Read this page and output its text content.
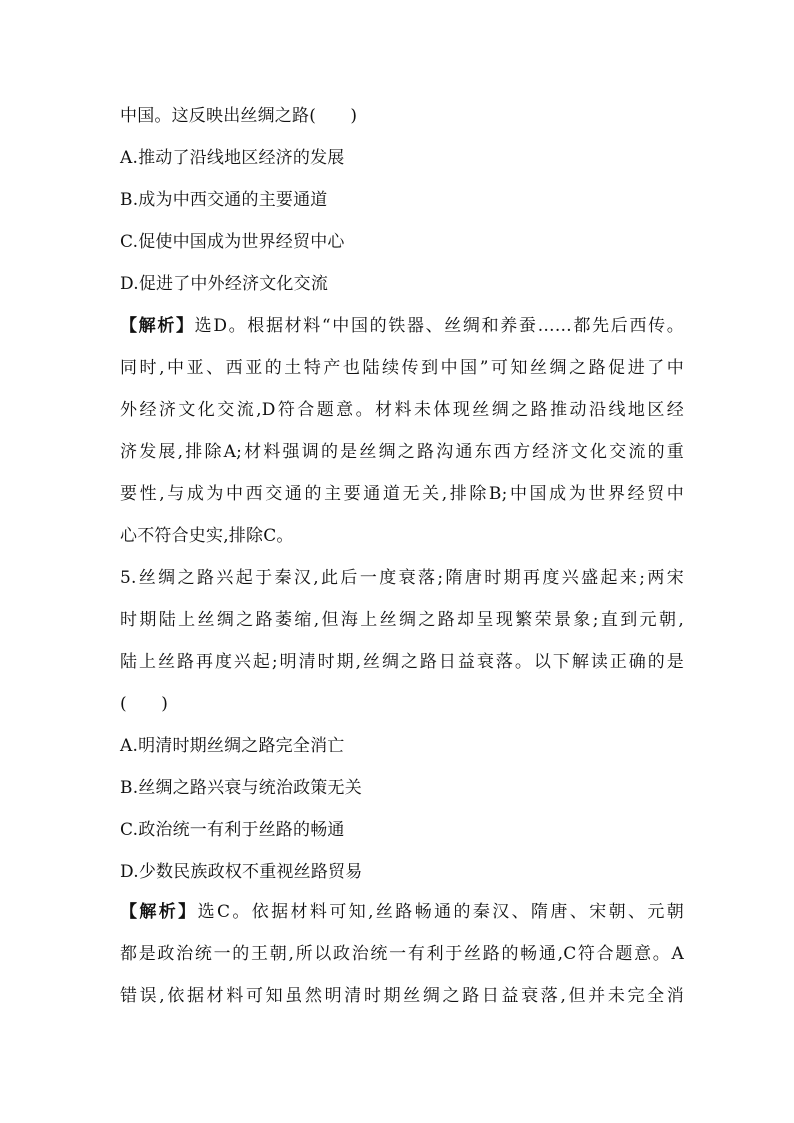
中国。这反映出丝绸之路(　　)
A.推动了沿线地区经济的发展
B.成为中西交通的主要通道
C.促使中国成为世界经贸中心
D.促进了中外经济文化交流
【解析】选D。根据材料“中国的铁器、丝绸和养蚕……都先后西传。
同时,中亚、西亚的土特产也陆续传到中国”可知丝绸之路促进了中
外经济文化交流,D符合题意。材料未体现丝绸之路推动沿线地区经
济发展,排除A;材料强调的是丝绸之路沟通东西方经济文化交流的重
要性,与成为中西交通的主要通道无关,排除B;中国成为世界经贸中
心不符合史实,排除C。
5.丝绸之路兴起于秦汉,此后一度衰落;隋唐时期再度兴盛起来;两宋
时期陆上丝绸之路萎缩,但海上丝绸之路却呈现繁荣景象;直到元朝,
陆上丝路再度兴起;明清时期,丝绸之路日益衰落。以下解读正确的是
(　　)
A.明清时期丝绸之路完全消亡
B.丝绸之路兴衰与统治政策无关
C.政治统一有利于丝路的畅通
D.少数民族政权不重视丝路贸易
【解析】选C。依据材料可知,丝路畅通的秦汉、隋唐、宋朝、元朝
都是政治统一的王朝,所以政治统一有利于丝路的畅通,C符合题意。A
错误,依据材料可知虽然明清时期丝绸之路日益衰落,但并未完全消
